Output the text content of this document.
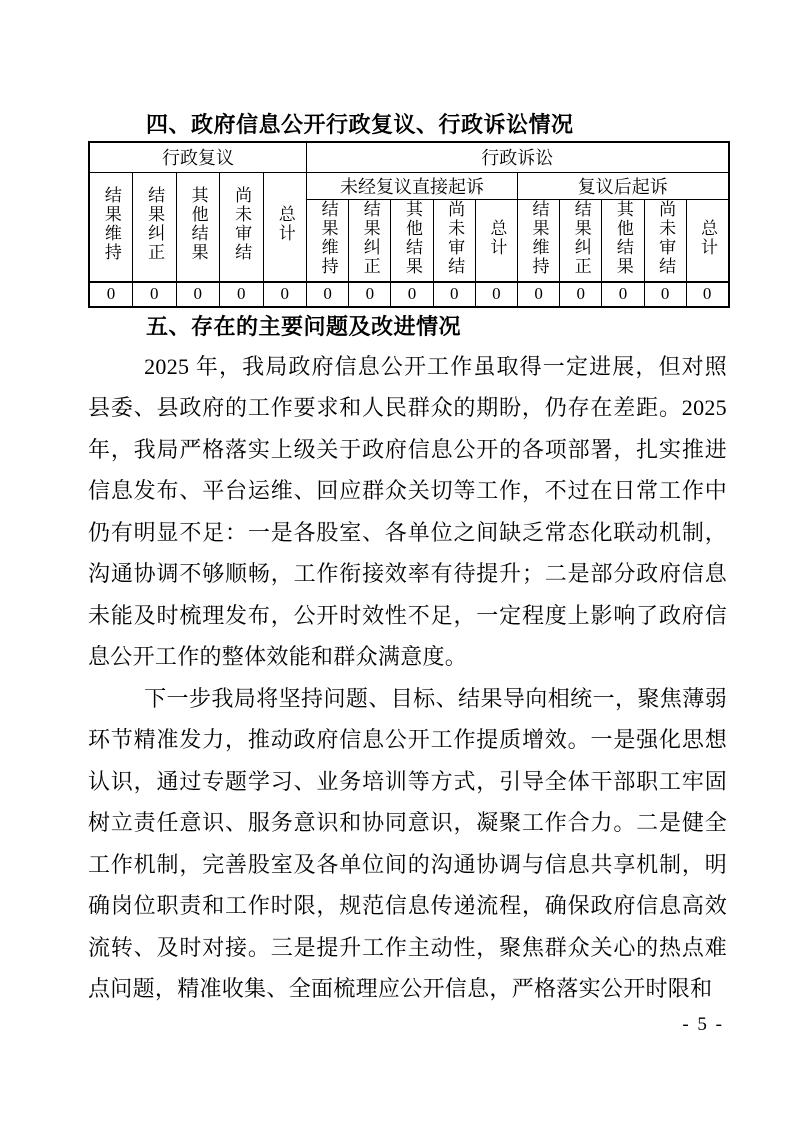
四、政府信息公开行政复议、行政诉讼情况
行政复议					行政诉讼									
结果维持	结果纠正	其他结果	尚未审结	总计	未经复议直接起诉					复议后起诉				
					结果维持	结果纠正	其他结果	尚未审结	总计	结果维持	结果纠正	其他结果	尚未审结	总计
0	0	0	0	0	0	0	0	0	0	0	0	0	0	0
五、存在的主要问题及改进情况

2025 年，我局政府信息公开工作虽取得一定进展，但对照县委、县政府的工作要求和人民群众的期盼，仍存在差距。2025 年，我局严格落实上级关于政府信息公开的各项部署，扎实推进信息发布、平台运维、回应群众关切等工作，不过在日常工作中仍有明显不足：一是各股室、各单位之间缺乏常态化联动机制，沟通协调不够顺畅，工作衔接效率有待提升；二是部分政府信息未能及时梳理发布，公开时效性不足，一定程度上影响了政府信息公开工作的整体效能和群众满意度。

下一步我局将坚持问题、目标、结果导向相统一，聚焦薄弱环节精准发力，推动政府信息公开工作提质增效。一是强化思想认识，通过专题学习、业务培训等方式，引导全体干部职工牢固树立责任意识、服务意识和协同意识，凝聚工作合力。二是健全工作机制，完善股室及各单位间的沟通协调与信息共享机制，明确岗位职责和工作时限，规范信息传递流程，确保政府信息高效流转、及时对接。三是提升工作主动性，聚焦群众关心的热点难点问题，精准收集、全面梳理应公开信息，严格落实公开时限和

- 5 -
